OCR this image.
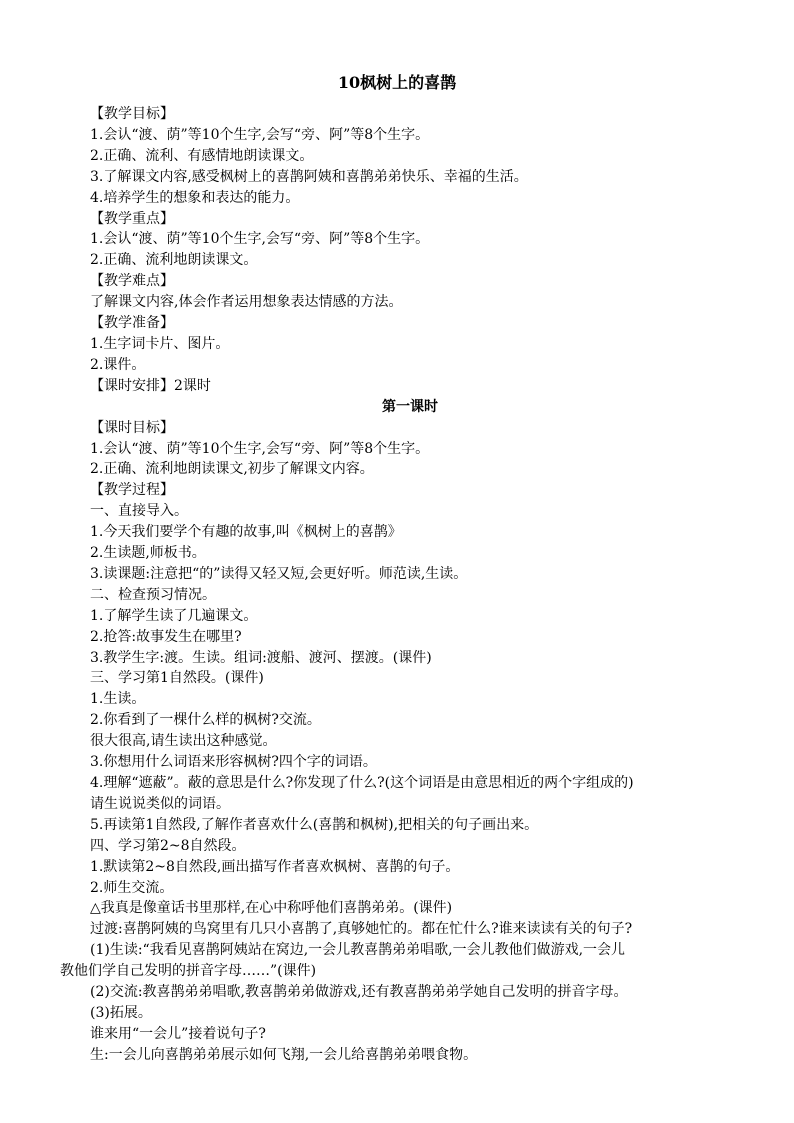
10枫树上的喜鹊

【教学目标】

1.会认“渡、荫”等10个生字,会写“旁、阿”等8个生字。

2.正确、流利、有感情地朗读课文。

3.了解课文内容,感受枫树上的喜鹊阿姨和喜鹊弟弟快乐、幸福的生活。

4.培养学生的想象和表达的能力。

【教学重点】

1.会认“渡、荫”等10个生字,会写“旁、阿”等8个生字。

2.正确、流利地朗读课文。

【教学难点】

了解课文内容,体会作者运用想象表达情感的方法。

【教学准备】

1.生字词卡片、图片。

2.课件。

【课时安排】2课时

第一课时

【课时目标】

1.会认“渡、荫”等10个生字,会写“旁、阿”等8个生字。

2.正确、流利地朗读课文,初步了解课文内容。

【教学过程】

一、直接导入。

1.今天我们要学个有趣的故事,叫《枫树上的喜鹊》

2.生读题,师板书。

3.读课题:注意把“的”读得又轻又短,会更好听。师范读,生读。

二、检查预习情况。

1.了解学生读了几遍课文。

2.抢答:故事发生在哪里?

3.教学生字:渡。生读。组词:渡船、渡河、摆渡。(课件)

三、学习第1自然段。(课件)

1.生读。

2.你看到了一棵什么样的枫树?交流。

很大很高,请生读出这种感觉。

3.你想用什么词语来形容枫树?四个字的词语。

4.理解“遮蔽”。蔽的意思是什么?你发现了什么?(这个词语是由意思相近的两个字组成的)

请生说说类似的词语。

5.再读第1自然段,了解作者喜欢什么(喜鹊和枫树),把相关的句子画出来。

四、学习第2~8自然段。

1.默读第2~8自然段,画出描写作者喜欢枫树、喜鹊的句子。

2.师生交流。

△我真是像童话书里那样,在心中称呼他们喜鹊弟弟。(课件)

过渡:喜鹊阿姨的鸟窝里有几只小喜鹊了,真够她忙的。都在忙什么?谁来读读有关的句子?

(1)生读:“我看见喜鹊阿姨站在窝边,一会儿教喜鹊弟弟唱歌,一会儿教他们做游戏,一会儿

教他们学自己发明的拼音字母……”(课件)

(2)交流:教喜鹊弟弟唱歌,教喜鹊弟弟做游戏,还有教喜鹊弟弟学她自己发明的拼音字母。

(3)拓展。

谁来用“一会儿”接着说句子?

生:一会儿向喜鹊弟弟展示如何飞翔,一会儿给喜鹊弟弟喂食物。
